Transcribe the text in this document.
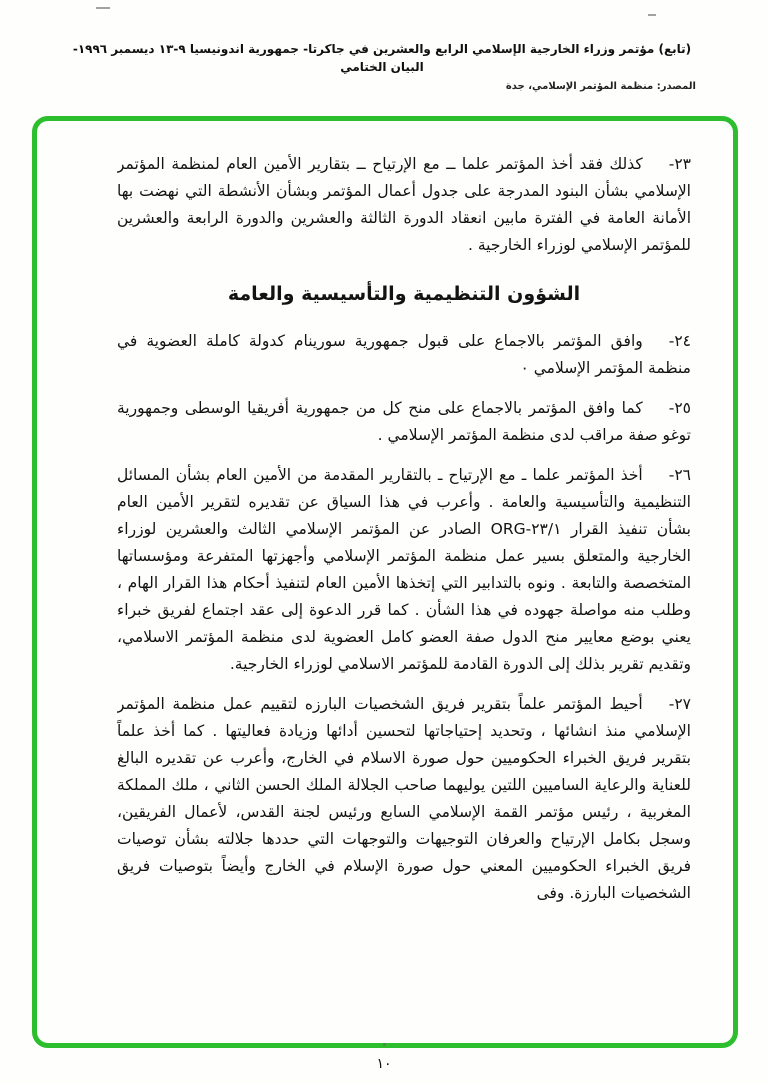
(تابع) مؤتمر وزراء الخارجية الإسلامي الرابع والعشرين في جاكرتا- جمهورية اندونيسيا ٩-١٣ ديسمبر ١٩٩٦-البيان الختامي
المصدر: منظمة المؤتمر الإسلامي، جدة

٢٣-كذلك فقد أخذ المؤتمر علما ــ مع الإرتياح ــ بتقارير الأمين العام لمنظمة المؤتمر الإسلامي بشأن البنود المدرجة على جدول أعمال المؤتمر وبشأن الأنشطة التي نهضت بها الأمانة العامة في الفترة مابين انعقاد الدورة الثالثة والعشرين والدورة الرابعة والعشرين للمؤتمر الإسلامي لوزراء الخارجية .

الشؤون التنظيمية والتأسيسية والعامة

٢٤-وافق المؤتمر بالاجماع على قبول جمهورية سورينام كدولة كاملة العضوية في منظمة المؤتمر الإسلامي ٠

٢٥-كما وافق المؤتمر بالاجماع على منح كل من جمهورية أفريقيا الوسطى وجمهورية توغو صفة مراقب لدى منظمة المؤتمر الإسلامي .

٢٦-أخذ المؤتمر علما ـ مع الإرتياح ـ بالتقارير المقدمة من الأمين العام بشأن المسائل التنظيمية والتأسيسية والعامة . وأعرب في هذا السياق عن تقديره لتقرير الأمين العام بشأن تنفيذ القرار ٢٣/١-ORG الصادر عن المؤتمر الإسلامي الثالث والعشرين لوزراء الخارجية والمتعلق بسير عمل منظمة المؤتمر الإسلامي وأجهزتها المتفرعة ومؤسساتها المتخصصة والتابعة . ونوه بالتدابير التي إتخذها الأمين العام لتنفيذ أحكام هذا القرار الهام ، وطلب منه مواصلة جهوده في هذا الشأن . كما قرر الدعوة إلى عقد اجتماع لفريق خبراء يعني بوضع معايير منح الدول صفة العضو كامل العضوية لدى منظمة المؤتمر الاسلامي، وتقديم تقرير بذلك إلى الدورة القادمة للمؤتمر الاسلامي لوزراء الخارجية.

٢٧-أحيط المؤتمر علماً بتقرير فريق الشخصيات البارزه لتقييم عمل منظمة المؤتمر الإسلامي منذ انشائها ، وتحديد إحتياجاتها لتحسين أدائها وزيادة فعاليتها . كما أخذ علماً بتقرير فريق الخبراء الحكوميين حول صورة الاسلام في الخارج، وأعرب عن تقديره البالغ للعناية والرعاية الساميين اللتين يوليهما صاحب الجلالة الملك الحسن الثاني ، ملك المملكة المغربية ، رئيس مؤتمر القمة الإسلامي السابع ورئيس لجنة القدس، لأعمال الفريقين، وسجل بكامل الإرتياح والعرفان التوجيهات والتوجهات التي حددها جلالته بشأن توصيات فريق الخبراء الحكوميين المعني حول صورة الإسلام في الخارج وأيضاً بتوصيات فريق الشخصيات البارزة. وفى

١٠
